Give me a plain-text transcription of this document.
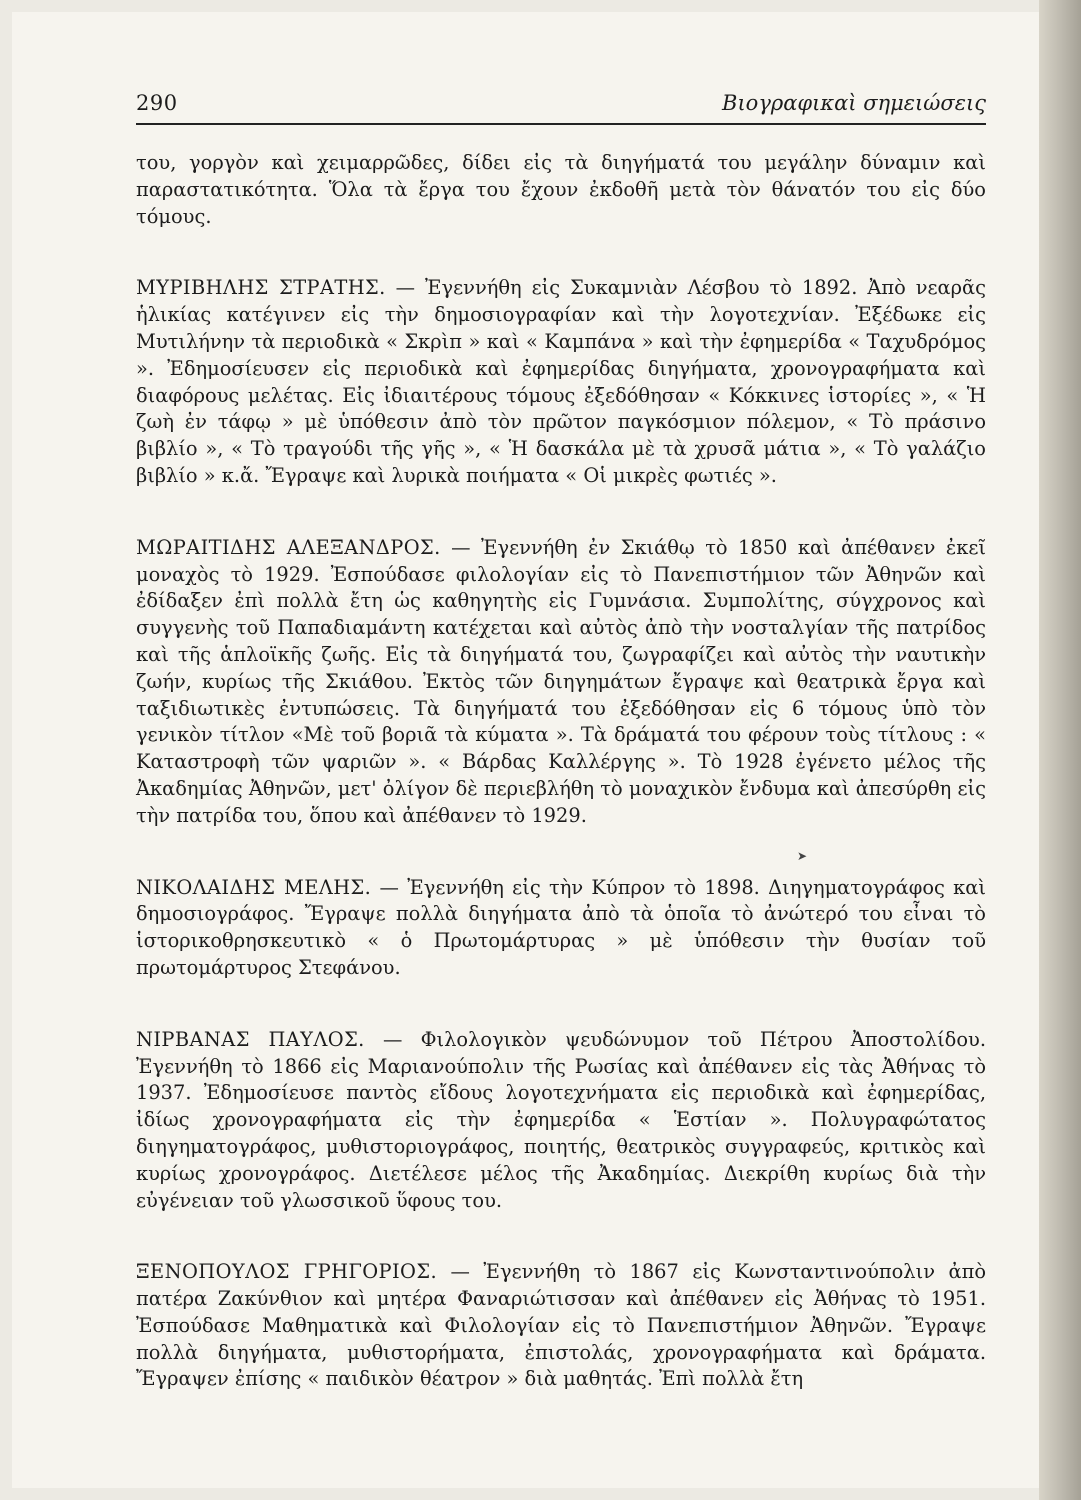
290	Βιογραφικαὶ σημειώσεις

του, γοργὸν καὶ χειμαρρῶδες, δίδει εἰς τὰ διηγήματά του μεγάλην δύναμιν καὶ παραστατικότητα. Ὅλα τὰ ἔργα του ἔχουν ἐκδοθῆ μετὰ τὸν θάνατόν του εἰς δύο τόμους.

ΜΥΡΙΒΗΛΗΣ ΣΤΡΑΤΗΣ. — Ἐγεννήθη εἰς Συκαμνιὰν Λέσβου τὸ 1892. Ἀπὸ νεαρᾶς ἡλικίας κατέγινεν εἰς τὴν δημοσιογραφίαν καὶ τὴν λογοτεχνίαν. Ἐξέδωκε εἰς Μυτιλήνην τὰ περιοδικὰ « Σκρὶπ » καὶ « Καμπάνα » καὶ τὴν ἐφημερίδα « Ταχυδρόμος ». Ἐδημοσίευσεν εἰς περιοδικὰ καὶ ἐφημερίδας διηγήματα, χρονογραφήματα καὶ διαφόρους μελέτας. Εἰς ἰδιαιτέρους τόμους ἐξεδόθησαν « Κόκκινες ἱστορίες », « Ἡ ζωὴ ἐν τάφῳ » μὲ ὑπόθεσιν ἀπὸ τὸν πρῶτον παγκόσμιον πόλεμον, « Τὸ πράσινο βιβλίο », « Τὸ τραγούδι τῆς γῆς », « Ἡ δασκάλα μὲ τὰ χρυσᾶ μάτια », « Τὸ γαλάζιο βιβλίο » κ.ἄ. Ἔγραψε καὶ λυρικὰ ποιήματα « Οἱ μικρὲς φωτιές ».

ΜΩΡΑΙΤΙΔΗΣ ΑΛΕΞΑΝΔΡΟΣ. — Ἐγεννήθη ἐν Σκιάθῳ τὸ 1850 καὶ ἀπέθανεν ἐκεῖ μοναχὸς τὸ 1929. Ἐσπούδασε φιλολογίαν εἰς τὸ Πανεπιστήμιον τῶν Ἀθηνῶν καὶ ἐδίδαξεν ἐπὶ πολλὰ ἔτη ὡς καθηγητὴς εἰς Γυμνάσια. Συμπολίτης, σύγχρονος καὶ συγγενὴς τοῦ Παπαδιαμάντη κατέχεται καὶ αὐτὸς ἀπὸ τὴν νοσταλγίαν τῆς πατρίδος καὶ τῆς ἁπλοϊκῆς ζωῆς. Εἰς τὰ διηγήματά του, ζωγραφίζει καὶ αὐτὸς τὴν ναυτικὴν ζωήν, κυρίως τῆς Σκιάθου. Ἐκτὸς τῶν διηγημάτων ἔγραψε καὶ θεατρικὰ ἔργα καὶ ταξιδιωτικὲς ἐντυπώσεις. Τὰ διηγήματά του ἐξεδόθησαν εἰς 6 τόμους ὑπὸ τὸν γενικὸν τίτλον «Μὲ τοῦ βοριᾶ τὰ κύματα ». Τὰ δράματά του φέρουν τοὺς τίτλους : « Καταστροφὴ τῶν ψαριῶν ». « Βάρδας Καλλέργης ». Τὸ 1928 ἐγένετο μέλος τῆς Ἀκαδημίας Ἀθηνῶν, μετ' ὀλίγον δὲ περιεβλήθη τὸ μοναχικὸν ἔνδυμα καὶ ἀπεσύρθη εἰς τὴν πατρίδα του, ὅπου καὶ ἀπέθανεν τὸ 1929.

ΝΙΚΟΛΑΙΔΗΣ ΜΕΛΗΣ. — Ἐγεννήθη εἰς τὴν Κύπρον τὸ 1898. Διηγηματογράφος καὶ δημοσιογράφος. Ἔγραψε πολλὰ διηγήματα ἀπὸ τὰ ὁποῖα τὸ ἀνώτερό του εἶναι τὸ ἱστορικοθρησκευτικὸ « ὁ Πρωτομάρτυρας » μὲ ὑπόθεσιν τὴν θυσίαν τοῦ πρωτομάρτυρος Στεφάνου.

ΝΙΡΒΑΝΑΣ ΠΑΥΛΟΣ. — Φιλολογικὸν ψευδώνυμον τοῦ Πέτρου Ἀποστολίδου. Ἐγεννήθη τὸ 1866 εἰς Μαριανούπολιν τῆς Ρωσίας καὶ ἀπέθανεν εἰς τὰς Ἀθήνας τὸ 1937. Ἐδημοσίευσε παντὸς εἴδους λογοτεχνήματα εἰς περιοδικὰ καὶ ἐφημερίδας, ἰδίως χρονογραφήματα εἰς τὴν ἐφημερίδα « Ἑστίαν ». Πολυγραφώτατος διηγηματογράφος, μυθιστοριογράφος, ποιητής, θεατρικὸς συγγραφεύς, κριτικὸς καὶ κυρίως χρονογράφος. Διετέλεσε μέλος τῆς Ἀκαδημίας. Διεκρίθη κυρίως διὰ τὴν εὐγένειαν τοῦ γλωσσικοῦ ὕφους του.

ΞΕΝΟΠΟΥΛΟΣ ΓΡΗΓΟΡΙΟΣ. — Ἐγεννήθη τὸ 1867 εἰς Κωνσταντινούπολιν ἀπὸ πατέρα Ζακύνθιον καὶ μητέρα Φαναριώτισσαν καὶ ἀπέθανεν εἰς Ἀθήνας τὸ 1951. Ἐσπούδασε Μαθηματικὰ καὶ Φιλολογίαν εἰς τὸ Πανεπιστήμιον Ἀθηνῶν. Ἔγραψε πολλὰ διηγήματα, μυθιστορήματα, ἐπιστολάς, χρονογραφήματα καὶ δράματα. Ἔγραψεν ἐπίσης « παιδικὸν θέατρον » διὰ μαθητάς. Ἐπὶ πολλὰ ἔτη

➤
